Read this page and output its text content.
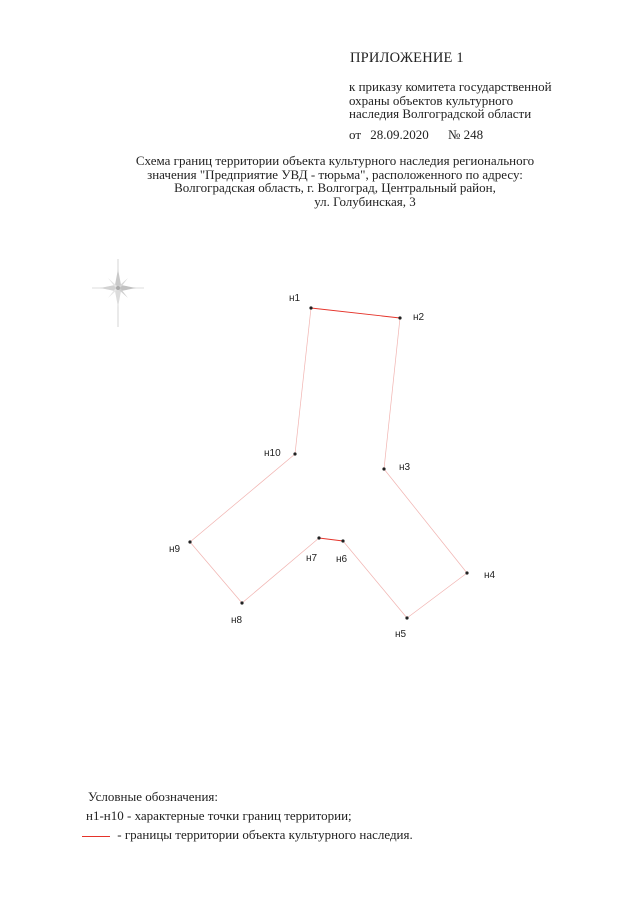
ПРИЛОЖЕНИЕ 1
к приказу комитета государственной
охраны объектов культурного
наследия Волгоградской области
от 28.09.2020 № 248
Схема границ территории объекта культурного наследия регионального
значения "Предприятие УВД - тюрьма", расположенного по адресу:
Волгоградская область, г. Волгоград, Центральный район,
ул. Голубинская, 3
н1
н2
н3
н4
н5
н6
н7
н8
н9
н10
Условные обозначения:
н1-н10 - характерные точки границ территории;
- границы территории объекта культурного наследия.
